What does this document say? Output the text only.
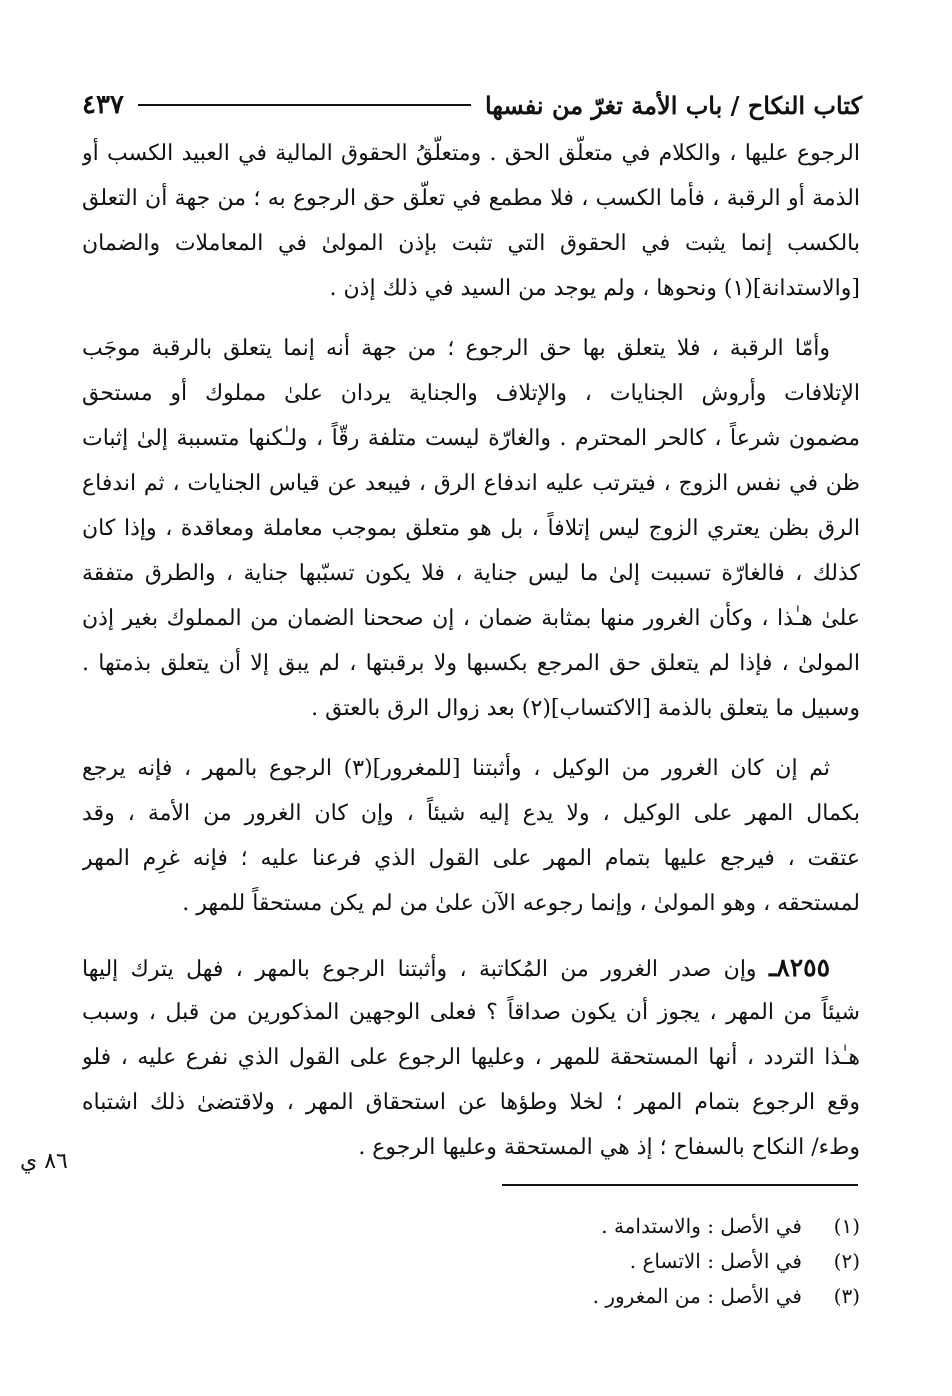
كتاب النكاح / باب الأمة تغرّ من نفسها
٤٣٧
الرجوع عليها ، والكلام في متعلّق الحق . ومتعلّقُ الحقوق المالية في العبيد الكسب أو
الذمة أو الرقبة ، فأما الكسب ، فلا مطمع في تعلّق حق الرجوع به ؛ من جهة أن التعلق
بالكسب إنما يثبت في الحقوق التي تثبت بإذن المولىٰ في المعاملات والضمان
[والاستدانة](١) ونحوها ، ولم يوجد من السيد في ذلك إذن .
وأمّا الرقبة ، فلا يتعلق بها حق الرجوع ؛ من جهة أنه إنما يتعلق بالرقبة موجَب
الإتلافات وأروش الجنايات ، والإتلاف والجناية يردان علىٰ مملوك أو مستحق
مضمون شرعاً ، كالحر المحترم . والغارّة ليست متلفة رقّاً ، ولـٰكنها متسببة إلىٰ إثبات
ظن في نفس الزوج ، فيترتب عليه اندفاع الرق ، فيبعد عن قياس الجنايات ، ثم اندفاع
الرق بظن يعتري الزوج ليس إتلافاً ، بل هو متعلق بموجب معاملة ومعاقدة ، وإذا كان
كذلك ، فالغارّة تسببت إلىٰ ما ليس جناية ، فلا يكون تسبّبها جناية ، والطرق متفقة
علىٰ هـٰذا ، وكأن الغرور منها بمثابة ضمان ، إن صححنا الضمان من المملوك بغير إذن
المولىٰ ، فإذا لم يتعلق حق المرجع بكسبها ولا برقبتها ، لم يبق إلا أن يتعلق بذمتها .
وسبيل ما يتعلق بالذمة [الاكتساب](٢) بعد زوال الرق بالعتق .
ثم إن كان الغرور من الوكيل ، وأثبتنا [للمغرور](٣) الرجوع بالمهر ، فإنه يرجع
بكمال المهر على الوكيل ، ولا يدع إليه شيئاً ، وإن كان الغرور من الأمة ، وقد
عتقت ، فيرجع عليها بتمام المهر على القول الذي فرعنا عليه ؛ فإنه غرِم المهر
لمستحقه ، وهو المولىٰ ، وإنما رجوعه الآن علىٰ من لم يكن مستحقاً للمهر .
٨٢٥٥ـ وإن صدر الغرور من المُكاتبة ، وأثبتنا الرجوع بالمهر ، فهل يترك إليها
شيئاً من المهر ، يجوز أن يكون صداقاً ؟ فعلى الوجهين المذكورين من قبل ، وسبب
هـٰذا التردد ، أنها المستحقة للمهر ، وعليها الرجوع على القول الذي نفرع عليه ، فلو
وقع الرجوع بتمام المهر ؛ لخلا وطؤها عن استحقاق المهر ، ولاقتضىٰ ذلك اشتباه
وطء/ النكاح بالسفاح ؛ إذ هي المستحقة وعليها الرجوع .
٨٦ ي
(١)في الأصل : والاستدامة .
(٢)في الأصل : الاتساع .
(٣)في الأصل : من المغرور .
